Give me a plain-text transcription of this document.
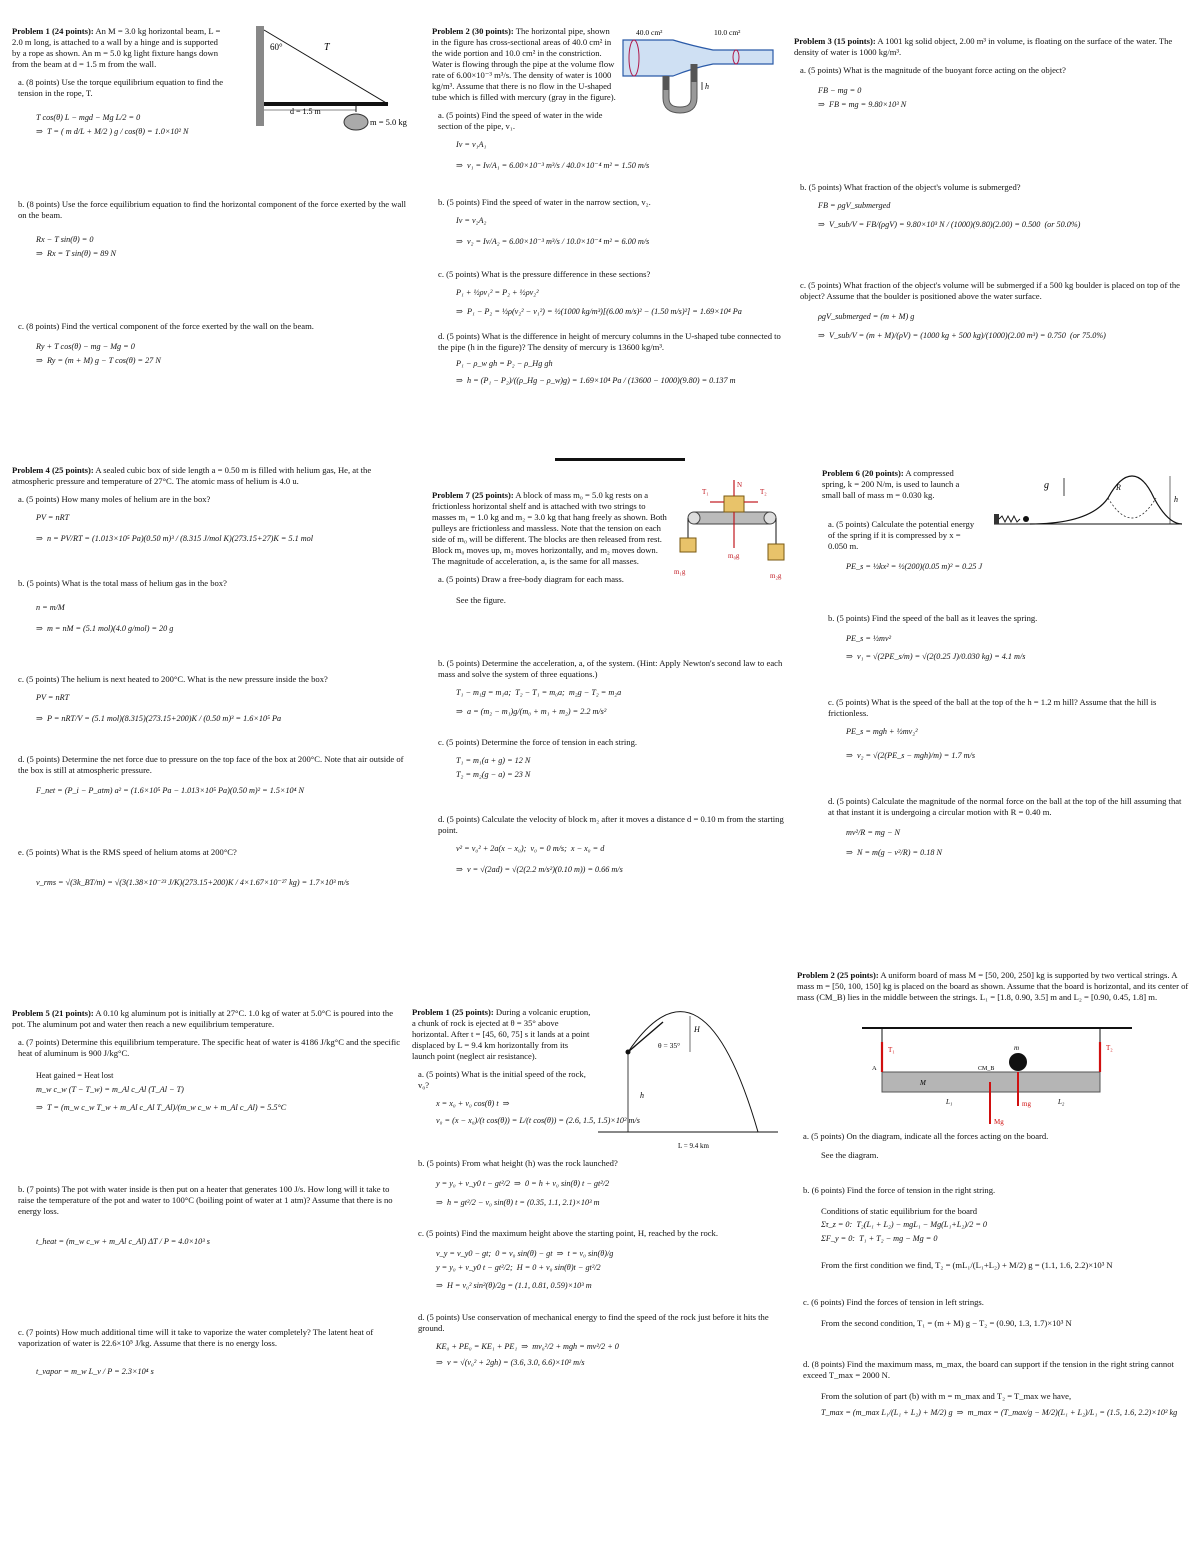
Problem 1 (24 points): An M = 3.0 kg horizontal beam, L = 2.0 m long, is attached to a wall by a hinge and is supported by a rope as shown. An m = 5.0 kg light fixture hangs down from the beam at d = 1.5 m from the wall.

a. (8 points) Use the torque equilibrium equation to find the tension in the rope, T.

T cos(θ) L − mgd − Mg L/2 = 0
⇒  T = ( m d/L + M/2 ) g / cos(θ) = 1.0×10² N

b. (8 points) Use the force equilibrium equation to find the horizontal component of the force exerted by the wall on the beam.

Rx − T sin(θ) = 0
⇒  Rx = T sin(θ) = 89 N

c. (8 points) Find the vertical component of the force exerted by the wall on the beam.

Ry + T cos(θ) − mg − Mg = 0
⇒  Ry = (m + M) g − T cos(θ) = 27 N
60°	T
d = 1.5 m
m = 5.0 kg

Problem 4 (25 points): A sealed cubic box of side length a = 0.50 m is filled with helium gas, He, at the atmospheric pressure and temperature of 27°C. The atomic mass of helium is 4.0 u.

a. (5 points) How many moles of helium are in the box?

PV = nRT
⇒  n = PV/RT = (1.013×10⁵ Pa)(0.50 m)³ / (8.315 J/mol K)(273.15+27)K = 5.1 mol

b. (5 points) What is the total mass of helium gas in the box?

n = m/M
⇒  m = nM = (5.1 mol)(4.0 g/mol) = 20 g

c. (5 points) The helium is next heated to 200°C. What is the new pressure inside the box?

PV = nRT
⇒  P = nRT/V = (5.1 mol)(8.315)(273.15+200)K / (0.50 m)³ = 1.6×10⁵ Pa

d. (5 points) Determine the net force due to pressure on the top face of the box at 200°C. Note that air outside of the box is still at atmospheric pressure.

F_net = (P_i − P_atm) a² = (1.6×10⁵ Pa − 1.013×10⁵ Pa)(0.50 m)² = 1.5×10⁴ N

e. (5 points) What is the RMS speed of helium atoms at 200°C?

v_rms = √(3k_BT/m) = √(3(1.38×10⁻²³ J/K)(273.15+200)K / 4×1.67×10⁻²⁷ kg) = 1.7×10³ m/s

Problem 5 (21 points): A 0.10 kg aluminum pot is initially at 27°C. 1.0 kg of water at 5.0°C is poured into the pot. The aluminum pot and water then reach a new equilibrium temperature.

a. (7 points) Determine this equilibrium temperature. The specific heat of water is 4186 J/kg°C and the specific heat of aluminum is 900 J/kg°C.

Heat gained = Heat lost
m_w c_w (T − T_w) = m_Al c_Al (T_Al − T)
⇒  T = (m_w c_w T_w + m_Al c_Al T_Al)/(m_w c_w + m_Al c_Al) = 5.5°C

b. (7 points) The pot with water inside is then put on a heater that generates 100 J/s. How long will it take to raise the temperature of the pot and water to 100°C (boiling point of water at 1 atm)? Assume that there is no energy loss.

t_heat = (m_w c_w + m_Al c_Al) ΔT / P = 4.0×10³ s

c. (7 points) How much additional time will it take to vaporize the water completely? The latent heat of vaporization of water is 22.6×10⁵ J/kg. Assume that there is no energy loss.

t_vapor = m_w L_v / P = 2.3×10⁴ s

Problem 2 (30 points): The horizontal pipe, shown in the figure has cross-sectional areas of 40.0 cm² in the wide portion and 10.0 cm² in the constriction. Water is flowing through the pipe at the volume flow rate of 6.00×10⁻³ m³/s. The density of water is 1000 kg/m³. Assume that there is no flow in the U-shaped tube which is filled with mercury (gray in the figure).

a. (5 points) Find the speed of water in the wide section of the pipe, v₁.

Iv = v₁A₁
⇒  v₁ = Iv/A₁ = 6.00×10⁻³ m³/s / 40.0×10⁻⁴ m² = 1.50 m/s

b. (5 points) Find the speed of water in the narrow section, v₂.

Iv = v₂A₂
⇒  v₂ = Iv/A₂ = 6.00×10⁻³ m³/s / 10.0×10⁻⁴ m² = 6.00 m/s

c. (5 points) What is the pressure difference in these sections?

P₁ + ½ρv₁² = P₂ + ½ρv₂²
⇒  P₁ − P₂ = ½ρ(v₂² − v₁²) = ½(1000 kg/m³)[(6.00 m/s)² − (1.50 m/s)²] = 1.69×10⁴ Pa

d. (5 points) What is the difference in height of mercury columns in the U-shaped tube connected to the pipe (h in the figure)? The density of mercury is 13600 kg/m³.

P₁ − ρ_w gh = P₂ − ρ_Hg gh
⇒  h = (P₁ − P₂)/((ρ_Hg − ρ_w)g) = 1.69×10⁴ Pa / (13600 − 1000)(9.80) = 0.137 m
40.0 cm²	10.0 cm²
h

Problem 7 (25 points): A block of mass m₀ = 5.0 kg rests on a frictionless horizontal shelf and is attached with two strings to masses m₁ = 1.0 kg and m₂ = 3.0 kg that hang freely as shown. Both pulleys are frictionless and massless. Note that the tension on each side of m₀ will be different. The blocks are then released from rest. Block m₀ moves up, m₂ moves horizontally, and m₂ moves down. The magnitude of acceleration, a, is the same for all masses.

a. (5 points) Draw a free-body diagram for each mass.

See the figure.

b. (5 points) Determine the acceleration, a, of the system. (Hint: Apply Newton's second law to each mass and solve the system of three equations.)

T₁ − m₁g = m₁a;  T₂ − T₁ = m₀a;  m₂g − T₂ = m₂a
⇒  a = (m₂ − m₁)g/(m₀ + m₁ + m₂) = 2.2 m/s²

c. (5 points) Determine the force of tension in each string.

T₁ = m₁(a + g) = 12 N
T₂ = m₂(g − a) = 23 N

d. (5 points) Calculate the velocity of block m₂ after it moves a distance d = 0.10 m from the starting point.

v² = v₀² + 2a(x − x₀);  v₀ = 0 m/s;  x − x₀ = d
⇒  v = √(2ad) = √(2(2.2 m/s²)(0.10 m)) = 0.66 m/s
N
T₁	T₂
m₀g
m₁g	m₂g

Problem 1 (25 points): During a volcanic eruption, a chunk of rock is ejected at θ = 35° above horizontal. After t = [45, 60, 75] s it lands at a point displaced by L = 9.4 km horizontally from its launch point (neglect air resistance).

a. (5 points) What is the initial speed of the rock, v₀?

x = x₀ + v₀ cos(θ) t  ⇒
v₀ = (x − x₀)/(t cos(θ)) = L/(t cos(θ)) = (2.6, 1.5, 1.5)×10² m/s

b. (5 points) From what height (h) was the rock launched?

y = y₀ + v_y0 t − gt²/2  ⇒  0 = h + v₀ sin(θ) t − gt²/2
⇒  h = gt²/2 − v₀ sin(θ) t = (0.35, 1.1, 2.1)×10³ m

c. (5 points) Find the maximum height above the starting point, H, reached by the rock.

v_y = v_y0 − gt;  0 = v₀ sin(θ) − gt  ⇒  t = v₀ sin(θ)/g
y = y₀ + v_y0 t − gt²/2;  H = 0 + v₀ sin(θ)t − gt²/2
⇒  H = v₀² sin²(θ)/2g = (1.1, 0.81, 0.59)×10³ m

d. (5 points) Use conservation of mechanical energy to find the speed of the rock just before it hits the ground.

KE₀ + PE₀ = KE₁ + PE₁  ⇒  mv₀²/2 + mgh = mv²/2 + 0
⇒  v = √(v₀² + 2gh) = (3.6, 3.0, 6.6)×10² m/s
θ = 35°
H
h
L = 9.4 km

Problem 3 (15 points): A 1001 kg solid object, 2.00 m³ in volume, is floating on the surface of the water. The density of water is 1000 kg/m³.

a. (5 points) What is the magnitude of the buoyant force acting on the object?

FB − mg = 0
⇒  FB = mg = 9.80×10³ N

b. (5 points) What fraction of the object's volume is submerged?

FB = ρgV_submerged
⇒  V_sub/V = FB/(ρgV) = 9.80×10³ N / (1000)(9.80)(2.00) = 0.500  (or 50.0%)

c. (5 points) What fraction of the object's volume will be submerged if a 500 kg boulder is placed on top of the object? Assume that the boulder is positioned above the water surface.

ρgV_submerged = (m + M) g
⇒  V_sub/V = (m + M)/(ρV) = (1000 kg + 500 kg)/(1000)(2.00 m³) = 0.750  (or 75.0%)

Problem 6 (20 points): A compressed spring, k = 200 N/m, is used to launch a small ball of mass m = 0.030 kg.

a. (5 points) Calculate the potential energy of the spring if it is compressed by x = 0.050 m.

PE_s = ½kx² = ½(200)(0.05 m)² = 0.25 J

b. (5 points) Find the speed of the ball as it leaves the spring.

PE_s = ½mv²
⇒  v₁ = √(2PE_s/m) = √(2(0.25 J)/0.030 kg) = 4.1 m/s

c. (5 points) What is the speed of the ball at the top of the h = 1.2 m hill? Assume that the hill is frictionless.

PE_s = mgh + ½mv₂²
⇒  v₂ = √(2(PE_s − mgh)/m) = 1.7 m/s

d. (5 points) Calculate the magnitude of the normal force on the ball at the top of the hill assuming that at that instant it is undergoing a circular motion with R = 0.40 m.

mv²/R = mg − N
⇒  N = m(g − v²/R) = 0.18 N
g	R
h

Problem 2 (25 points): A uniform board of mass M = [50, 200, 250] kg is supported by two vertical strings. A mass m = [50, 100, 150] kg is placed on the board as shown. Assume that the board is horizontal, and its center of mass (CM_B) lies in the middle between the strings. L₁ = [1.8, 0.90, 3.5] m and L₂ = [0.90, 0.45, 1.8] m.

a. (5 points) On the diagram, indicate all the forces acting on the board.

See the diagram.

b. (6 points) Find the force of tension in the right string.

Conditions of static equilibrium for the board
Στ_z = 0:  T₂(L₁ + L₂) − mgL₁ − Mg(L₁+L₂)/2 = 0
ΣF_y = 0:  T₁ + T₂ − mg − Mg = 0
From the first condition we find, T₂ = (mL₁/(L₁+L₂) + M/2) g = (1.1, 1.6, 2.2)×10³ N

c. (6 points) Find the forces of tension in left strings.

From the second condition, T₁ = (m + M) g − T₂ = (0.90, 1.3, 1.7)×10³ N

d. (8 points) Find the maximum mass, m_max, the board can support if the tension in the right string cannot exceed T_max = 2000 N.

From the solution of part (b) with m = m_max and T₂ = T_max we have,
T_max = (m_max L₁/(L₁ + L₂) + M/2) g  ⇒  m_max = (T_max/g − M/2)(L₁ + L₂)/L₁ = (1.5, 1.6, 2.2)×10² kg
m
T₁	T₂
A
M
CM_B
Mg
mg
L₁	L₂
